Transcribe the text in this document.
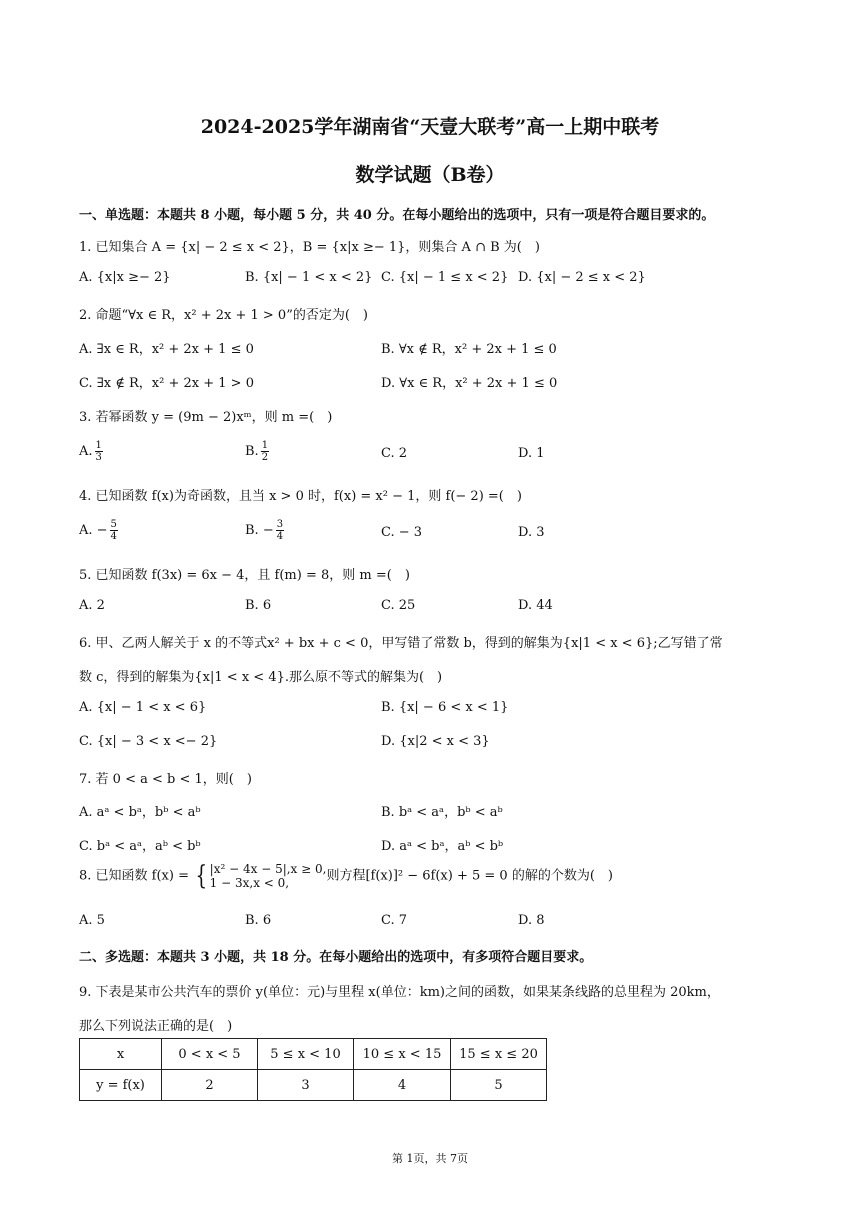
2024-2025学年湖南省“天壹大联考”高一上期中联考
数学试题（B卷）
一、单选题：本题共 8 小题，每小题 5 分，共 40 分。在每小题给出的选项中，只有一项是符合题目要求的。
1. 已知集合 A = {x| − 2 ≤ x < 2}，B = {x|x ≥− 1}，则集合 A ∩ B 为(　)
A. {x|x ≥− 2}	B. {x| − 1 < x < 2} C. {x| − 1 ≤ x < 2} D. {x| − 2 ≤ x < 2}
2. 命题“∀x ∈ R，x² + 2x + 1 > 0”的否定为(　)
A. ∃x ∈ R，x² + 2x + 1 ≤ 0	B. ∀x ∉ R，x² + 2x + 1 ≤ 0
C. ∃x ∉ R，x² + 2x + 1 > 0	D. ∀x ∈ R，x² + 2x + 1 ≤ 0
3. 若幂函数 y = (9m − 2)xᵐ，则 m =(　)
A. $\frac{1}{3}$	B. $\frac{1}{2}$	C. 2	D. 1
4. 已知函数 f(x)为奇函数，且当 x > 0 时，f(x) = x² − 1，则 f(− 2) =(　)
A. − $\frac{5}{4}$	B. − $\frac{3}{4}$	C. − 3	D. 3
5. 已知函数 f(3x) = 6x − 4，且 f(m) = 8，则 m =(　)
A. 2	B. 6	C. 25	D. 44
6. 甲、乙两人解关于 x 的不等式x² + bx + c < 0，甲写错了常数 b，得到的解集为{x|1 < x < 6};乙写错了常
数 c，得到的解集为{x|1 < x < 4}.那么原不等式的解集为(　)
A. {x| − 1 < x < 6}	B. {x| − 6 < x < 1}
C. {x| − 3 < x <− 2}	D. {x|2 < x < 3}
7. 若 0 < a < b < 1，则(　)
A. aᵃ < bᵃ，bᵇ < aᵇ	B. bᵃ < aᵃ，bᵇ < aᵇ
C. bᵃ < aᵃ，aᵇ < bᵇ	D. aᵃ < bᵃ，aᵇ < bᵇ
8. 已知函数 f(x) = { |x² − 4x − 5|,x ≥ 0,
1 − 3x,x < 0,	则方程[f(x)]² − 6f(x) + 5 = 0 的解的个数为(　)
A. 5	B. 6	C. 7	D. 8
二、多选题：本题共 3 小题，共 18 分。在每小题给出的选项中，有多项符合题目要求。
9. 下表是某市公共汽车的票价 y(单位：元)与里程 x(单位：km)之间的函数，如果某条线路的总里程为 20km，
那么下列说法正确的是(　)
x	0 < x < 5	5 ≤ x < 10	10 ≤ x < 15	15 ≤ x ≤ 20
y = f(x)	2	3	4	5
第 1页，共 7页
